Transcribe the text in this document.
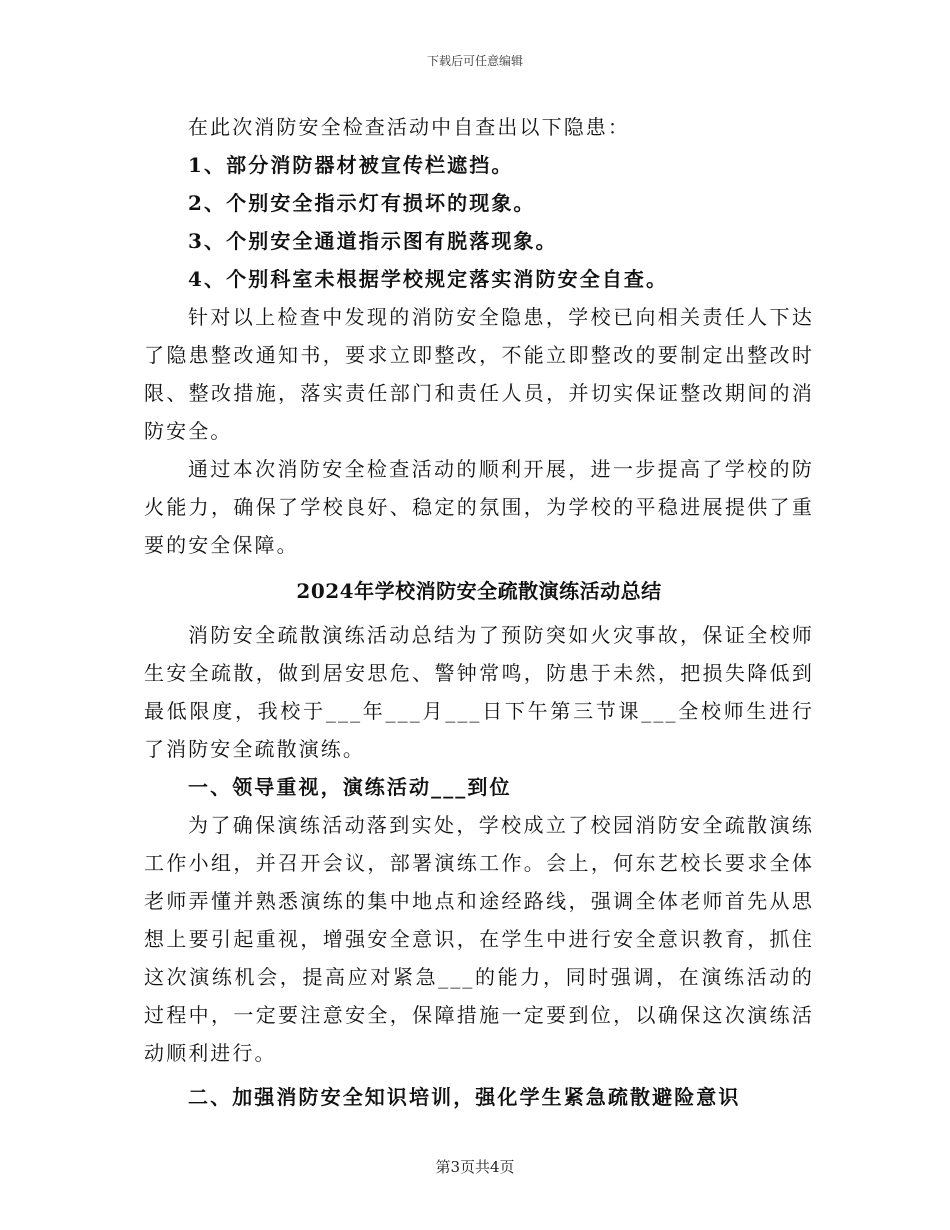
下载后可任意编辑

在此次消防安全检查活动中自查出以下隐患：

1、部分消防器材被宣传栏遮挡。

2、个别安全指示灯有损坏的现象。

3、个别安全通道指示图有脱落现象。

4、个别科室未根据学校规定落实消防安全自查。

针对以上检查中发现的消防安全隐患，学校已向相关责任人下达了隐患整改通知书，要求立即整改，不能立即整改的要制定出整改时限、整改措施，落实责任部门和责任人员，并切实保证整改期间的消防安全。

通过本次消防安全检查活动的顺利开展，进一步提高了学校的防火能力，确保了学校良好、稳定的氛围，为学校的平稳进展提供了重要的安全保障。

2024年学校消防安全疏散演练活动总结

消防安全疏散演练活动总结为了预防突如火灾事故，保证全校师生安全疏散，做到居安思危、警钟常鸣，防患于未然，把损失降低到最低限度，我校于___年___月___日下午第三节课___全校师生进行了消防安全疏散演练。

一、领导重视，演练活动___到位

为了确保演练活动落到实处，学校成立了校园消防安全疏散演练工作小组，并召开会议，部署演练工作。会上，何东艺校长要求全体老师弄懂并熟悉演练的集中地点和途经路线，强调全体老师首先从思想上要引起重视，增强安全意识，在学生中进行安全意识教育，抓住这次演练机会，提高应对紧急___的能力，同时强调，在演练活动的过程中，一定要注意安全，保障措施一定要到位，以确保这次演练活动顺利进行。

二、加强消防安全知识培训，强化学生紧急疏散避险意识

第3页共4页
